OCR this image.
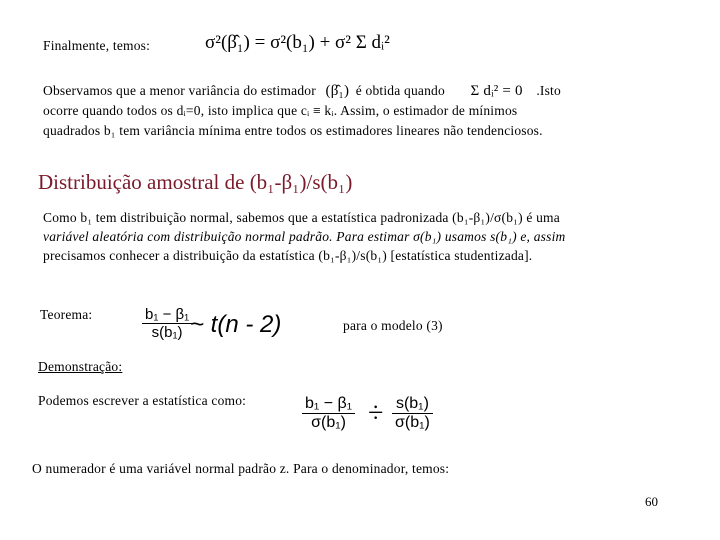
Finalmente, temos:	σ²(β̂₁) = σ²(b₁) + σ² Σ dᵢ²
Observamos que a menor variância do estimador (β̂₁) é obtida quando Σ dᵢ² = 0 .Isto
ocorre quando todos os dᵢ=0, isto implica que cᵢ ≡ kᵢ. Assim, o estimador de mínimos
quadrados b₁ tem variância mínima entre todos os estimadores lineares não tendenciosos.
Distribuição amostral de (b₁-β₁)/s(b₁)
Como b₁ tem distribuição normal, sabemos que a estatística padronizada (b₁-β₁)/σ(b₁) é uma
variável aleatória com distribuição normal padrão. Para estimar σ(b₁) usamos s(b₁) e, assim
precisamos conhecer a distribuição da estatística (b₁-β₁)/s(b₁) [estatística studentizada].
Teorema:	$\frac{\text{b₁ − β₁}}{\text{s(b₁)}}$
~ t(n - 2)	para o modelo (3)
Demonstração:
Podemos escrever a estatística como:	$\frac{\text{b₁ − β₁}}{\text{σ(b₁)}} \div \frac{\text{s(b₁)}}{\text{σ(b₁)}}$
O numerador é uma variável normal padrão z. Para o denominador, temos:
60
